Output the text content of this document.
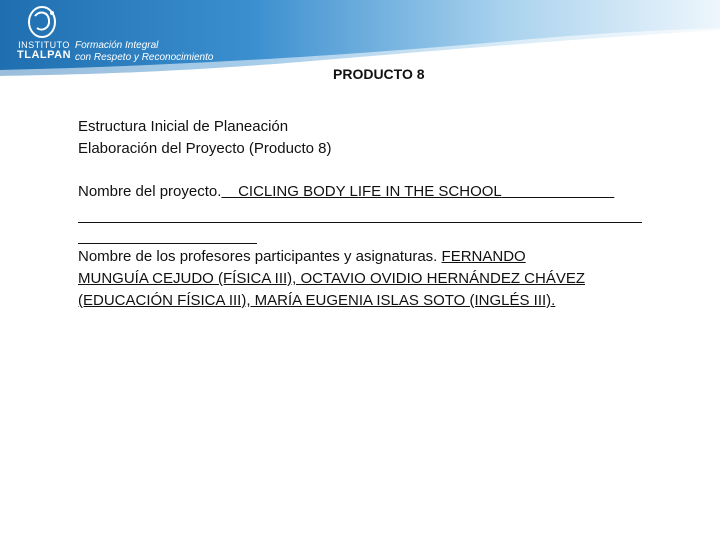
INSTITUTO
TLALPAN
Formación Integral
con Respeto y Reconocimiento
PRODUCTO 8
Estructura Inicial de Planeación
Elaboración del Proyecto (Producto 8)
Nombre del proyecto. CICLING BODY LIFE IN THE SCHOOL
Nombre de los profesores participantes y asignaturas. FERNANDO
MUNGUÍA CEJUDO (FÍSICA III), OCTAVIO OVIDIO HERNÁNDEZ CHÁVEZ
(EDUCACIÓN FÍSICA III), MARÍA EUGENIA ISLAS SOTO (INGLÉS III).
